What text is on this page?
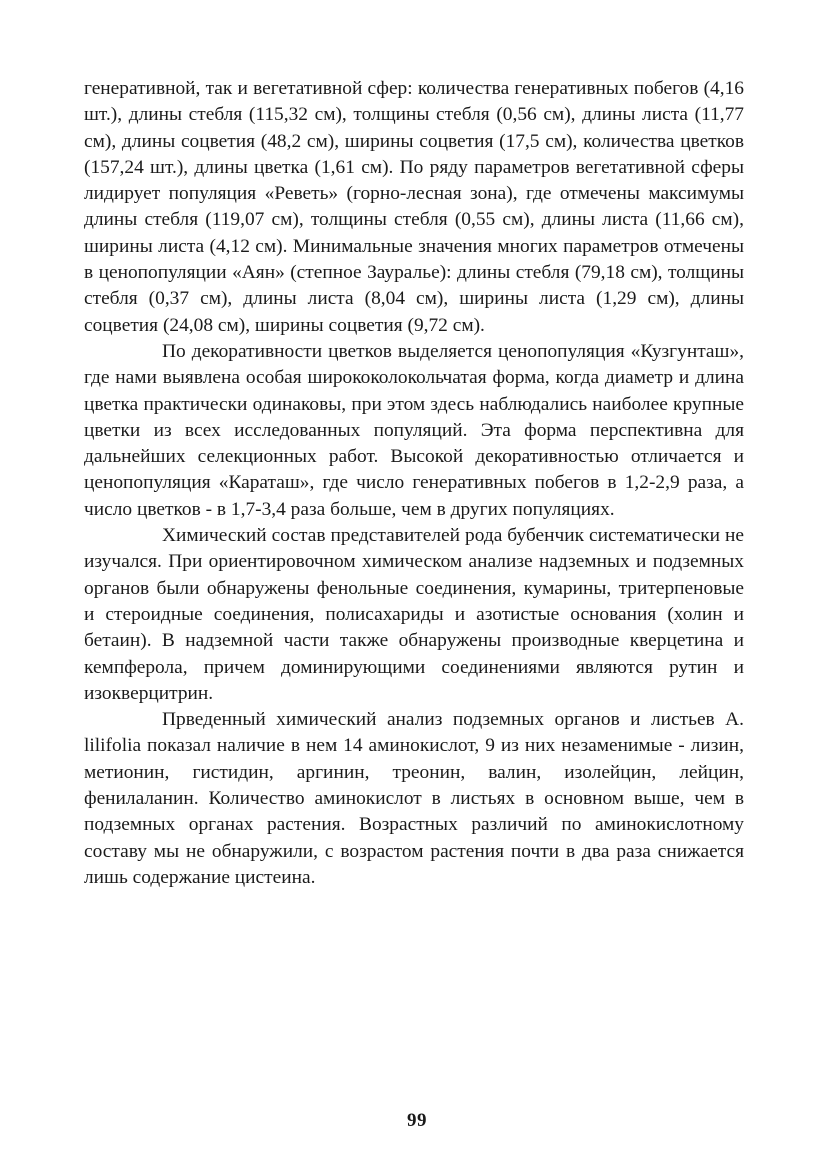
генеративной, так и вегетативной сфер: количества генеративных побегов (4,16 шт.), длины стебля (115,32 см), толщины стебля (0,56 см), длины листа (11,77 см), длины соцветия (48,2 см), ширины соцветия (17,5 см), количества цветков (157,24 шт.), длины цветка (1,61 см). По ряду параметров вегетативной сферы лидирует популяция «Реветь» (горно-лесная зона), где отмечены максимумы длины стебля (119,07 см), толщины стебля (0,55 см), длины листа (11,66 см), ширины листа (4,12 см). Минимальные значения многих параметров отмечены в ценопопуляции «Аян» (степное Зауралье): длины стебля (79,18 см), толщины стебля (0,37 см), длины листа (8,04 см), ширины листа (1,29 см), длины соцветия (24,08 см), ширины соцветия (9,72 см).

По декоративности цветков выделяется ценопопуляция «Кузгунташ», где нами выявлена особая ширококолокольчатая форма, когда диаметр и длина цветка практически одинаковы, при этом здесь наблюдались наиболее крупные цветки из всех исследованных популяций. Эта форма перспективна для дальнейших селекционных работ. Высокой декоративностью отличается и ценопопуляция «Караташ», где число генеративных побегов в 1,2-2,9 раза, а число цветков - в 1,7-3,4 раза больше, чем в других популяциях.

Химический состав представителей рода бубенчик систематически не изучался. При ориентировочном химическом анализе надземных и подземных органов были обнаружены фенольные соединения, кумарины, тритерпеновые и стероидные соединения, полисахариды и азотистые основания (холин и бетаин). В надземной части также обнаружены производные кверцетина и кемпферола, причем доминирующими соединениями являются рутин и изокверцитрин.

Прведенный химический анализ подземных органов и листьев A. lilifolia показал наличие в нем 14 аминокислот, 9 из них незаменимые - лизин, метионин, гистидин, аргинин, треонин, валин, изолейцин, лейцин, фенилаланин. Количество аминокислот в листьях в основном выше, чем в подземных органах растения. Возрастных различий по аминокислотному составу мы не обнаружили, с возрастом растения почти в два раза снижается лишь содержание цистеина.

99
